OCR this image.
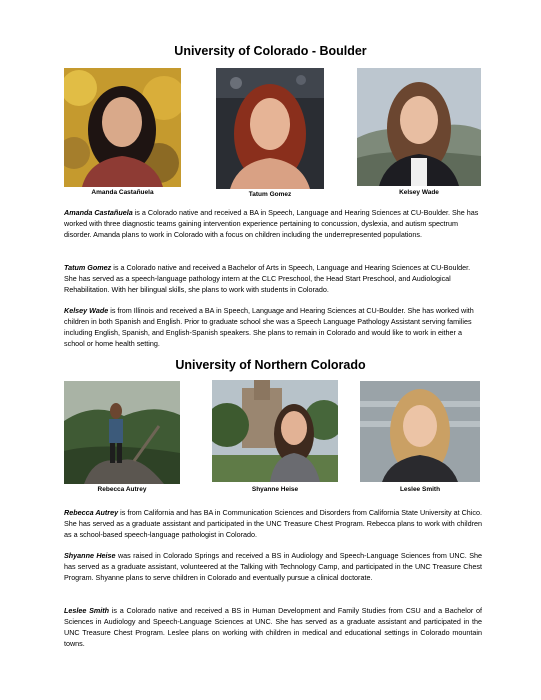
University of Colorado - Boulder
Amanda Castañuela	Tatum Gomez	Kelsey Wade
Amanda Castañuela is a Colorado native and received a BA in Speech, Language and Hearing Sciences at CU-Boulder. She has worked with three diagnostic teams gaining intervention experience pertaining to concussion, dyslexia, and autism spectrum disorder. Amanda plans to work in Colorado with a focus on children including the underrepresented populations.
Tatum Gomez is a Colorado native and received a Bachelor of Arts in Speech, Language and Hearing Sciences at CU-Boulder. She has served as a speech-language pathology intern at the CLC Preschool, the Head Start Preschool, and Audiological Rehabilitation. With her bilingual skills, she plans to work with students in Colorado.
Kelsey Wade is from Illinois and received a BA in Speech, Language and Hearing Sciences at CU-Boulder. She has worked with children in both Spanish and English. Prior to graduate school she was a Speech Language Pathology Assistant serving families including English, Spanish, and English-Spanish speakers. She plans to remain in Colorado and would like to work in either a school or home health setting.
University of Northern Colorado
Rebecca Autrey	Shyanne Heise	Leslee Smith
Rebecca Autrey is from California and has BA in Communication Sciences and Disorders from California State University at Chico. She has served as a graduate assistant and participated in the UNC Treasure Chest Program. Rebecca plans to work with children as a school-based speech-language pathologist in Colorado.
Shyanne Heise was raised in Colorado Springs and received a BS in Audiology and Speech-Language Sciences from UNC. She has served as a graduate assistant, volunteered at the Talking with Technology Camp, and participated in the UNC Treasure Chest Program. Shyanne plans to serve children in Colorado and eventually pursue a clinical doctorate.
Leslee Smith is a Colorado native and received a BS in Human Development and Family Studies from CSU and a Bachelor of Sciences in Audiology and Speech-Language Sciences at UNC. She has served as a graduate assistant and participated in the UNC Treasure Chest Program. Leslee plans on working with children in medical and educational settings in Colorado mountain towns.
